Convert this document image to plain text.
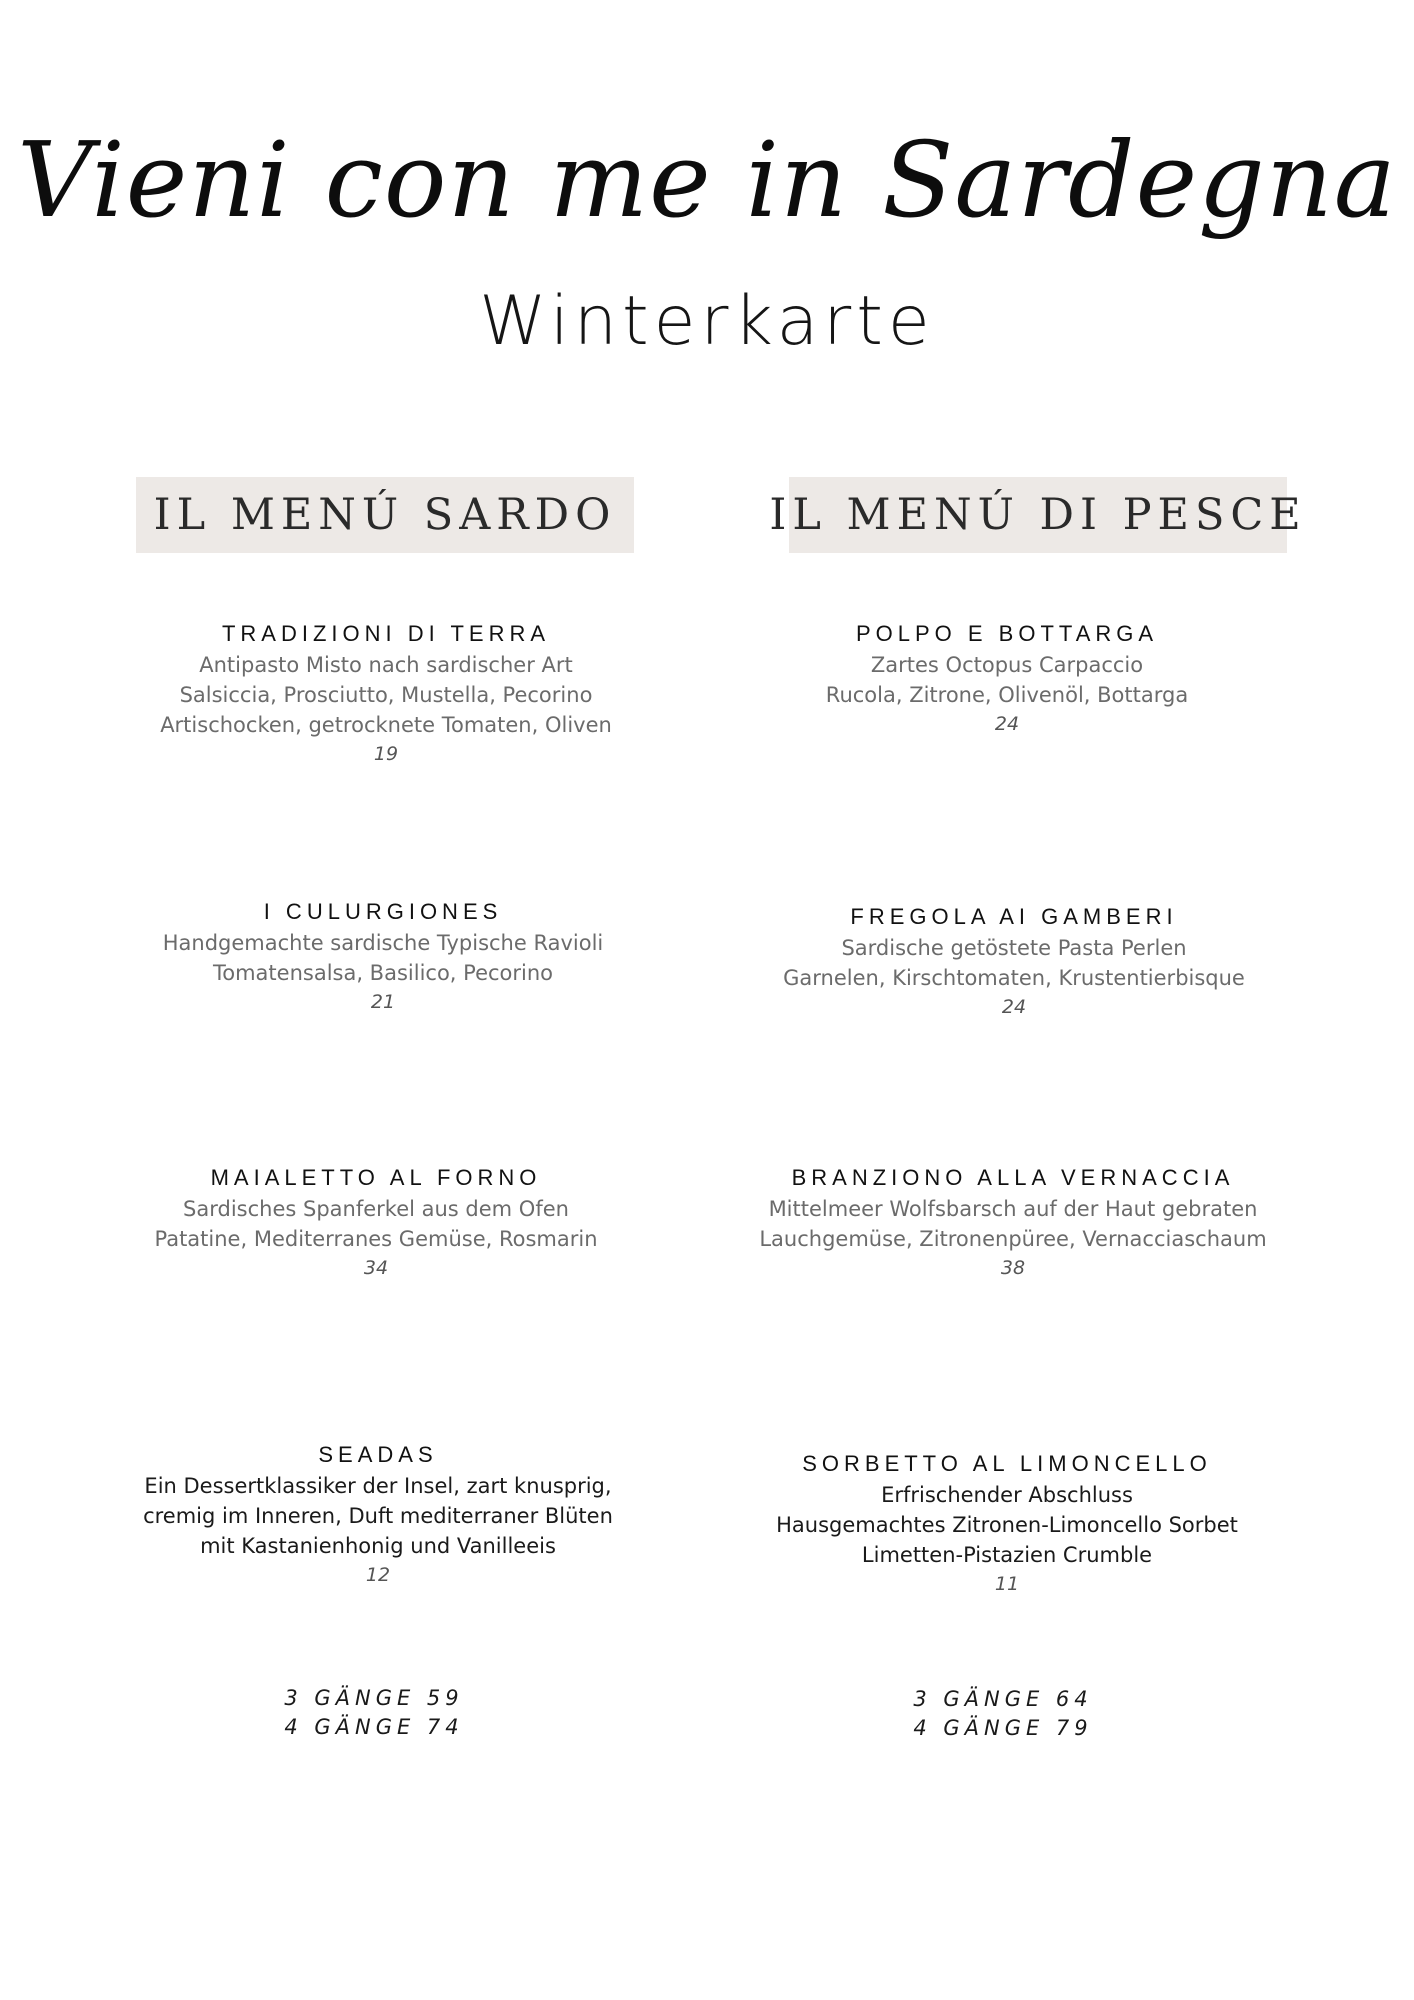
Vieni con me in Sardegna
Winterkarte
IL MENÚ SARDO	IL MENÚ DI PESCE
TRADIZIONI DI TERRA
Antipasto Misto nach sardischer Art
Salsiccia, Prosciutto, Mustella, Pecorino
Artischocken, getrocknete Tomaten, Oliven
19
I CULURGIONES
Handgemachte sardische Typische Ravioli
Tomatensalsa, Basilico, Pecorino
21
MAIALETTO AL FORNO
Sardisches Spanferkel aus dem Ofen
Patatine, Mediterranes Gemüse, Rosmarin
34
SEADAS
Ein Dessertklassiker der Insel, zart knusprig,
cremig im Inneren, Duft mediterraner Blüten
mit Kastanienhonig und Vanilleeis
12
POLPO E BOTTARGA
Zartes Octopus Carpaccio
Rucola, Zitrone, Olivenöl, Bottarga
24
FREGOLA AI GAMBERI
Sardische getöstete Pasta Perlen
Garnelen, Kirschtomaten, Krustentierbisque
24
BRANZIONO ALLA VERNACCIA
Mittelmeer Wolfsbarsch auf der Haut gebraten
Lauchgemüse, Zitronenpüree, Vernacciaschaum
38
SORBETTO AL LIMONCELLO
Erfrischender Abschluss
Hausgemachtes Zitronen-Limoncello Sorbet
Limetten-Pistazien Crumble
11
3 GÄNGE 59
4 GÄNGE 74
3 GÄNGE 64
4 GÄNGE 79
